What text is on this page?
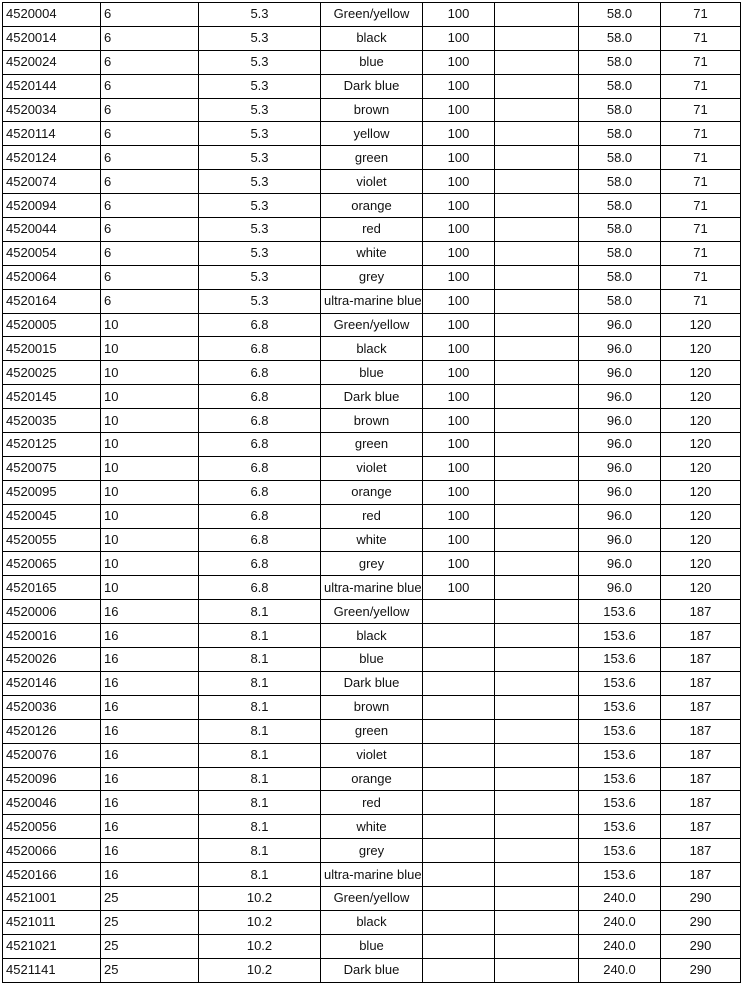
4520004	6	5.3	Green/yellow	100		58.0	71
4520014	6	5.3	black	100		58.0	71
4520024	6	5.3	blue	100		58.0	71
4520144	6	5.3	Dark blue	100		58.0	71
4520034	6	5.3	brown	100		58.0	71
4520114	6	5.3	yellow	100		58.0	71
4520124	6	5.3	green	100		58.0	71
4520074	6	5.3	violet	100		58.0	71
4520094	6	5.3	orange	100		58.0	71
4520044	6	5.3	red	100		58.0	71
4520054	6	5.3	white	100		58.0	71
4520064	6	5.3	grey	100		58.0	71
4520164	6	5.3	ultra-marine blue	100		58.0	71
4520005	10	6.8	Green/yellow	100		96.0	120
4520015	10	6.8	black	100		96.0	120
4520025	10	6.8	blue	100		96.0	120
4520145	10	6.8	Dark blue	100		96.0	120
4520035	10	6.8	brown	100		96.0	120
4520125	10	6.8	green	100		96.0	120
4520075	10	6.8	violet	100		96.0	120
4520095	10	6.8	orange	100		96.0	120
4520045	10	6.8	red	100		96.0	120
4520055	10	6.8	white	100		96.0	120
4520065	10	6.8	grey	100		96.0	120
4520165	10	6.8	ultra-marine blue	100		96.0	120
4520006	16	8.1	Green/yellow			153.6	187
4520016	16	8.1	black			153.6	187
4520026	16	8.1	blue			153.6	187
4520146	16	8.1	Dark blue			153.6	187
4520036	16	8.1	brown			153.6	187
4520126	16	8.1	green			153.6	187
4520076	16	8.1	violet			153.6	187
4520096	16	8.1	orange			153.6	187
4520046	16	8.1	red			153.6	187
4520056	16	8.1	white			153.6	187
4520066	16	8.1	grey			153.6	187
4520166	16	8.1	ultra-marine blue			153.6	187
4521001	25	10.2	Green/yellow			240.0	290
4521011	25	10.2	black			240.0	290
4521021	25	10.2	blue			240.0	290
4521141	25	10.2	Dark blue			240.0	290
